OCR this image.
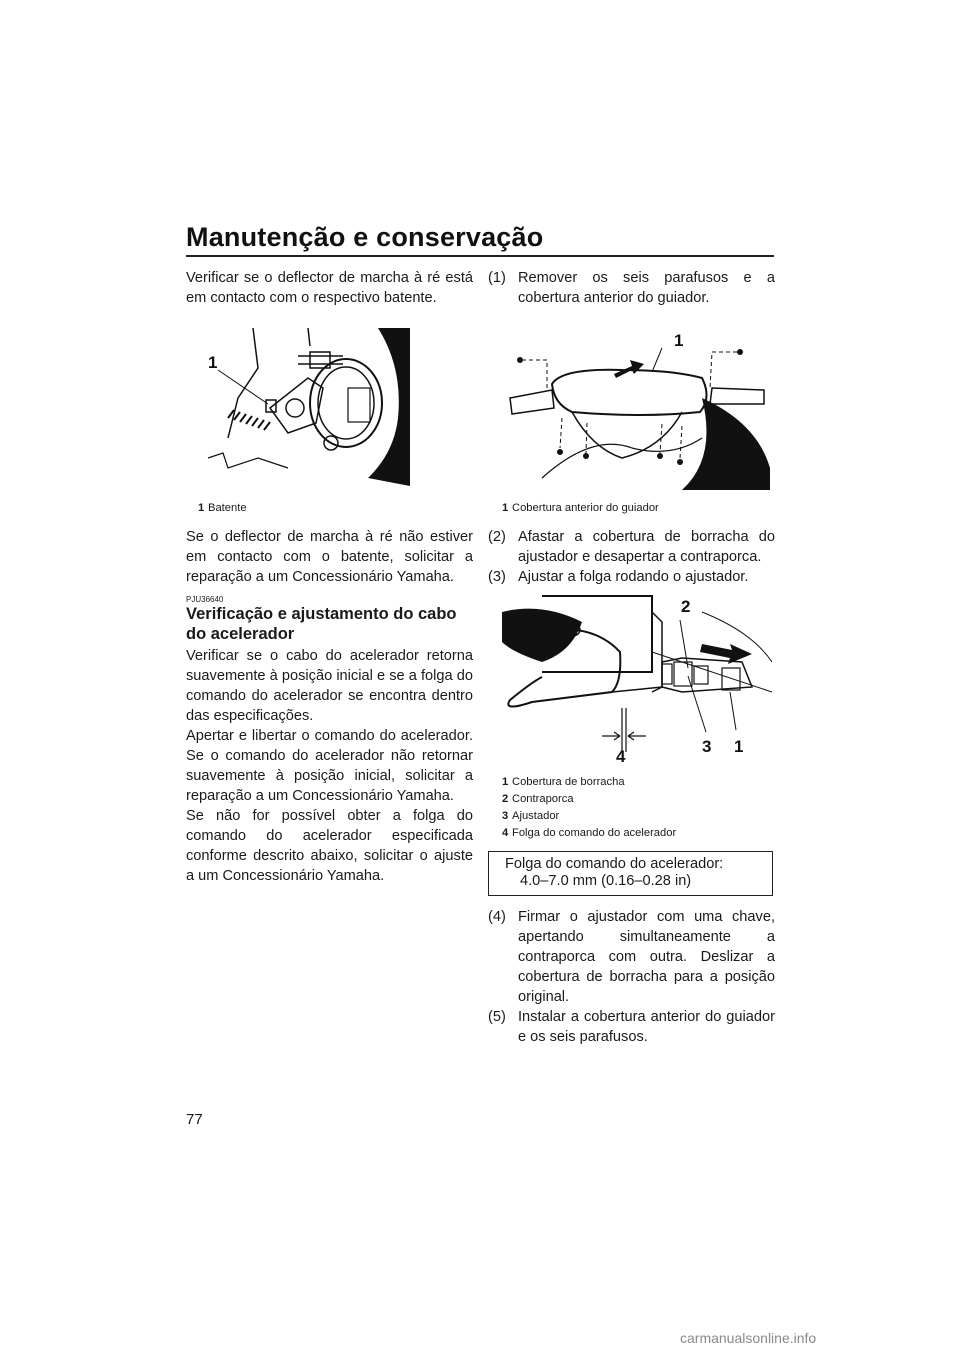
Manutenção e conservação

Verificar se o deflector de marcha à ré está em contacto com o respectivo batente.

1
1 Batente

Se o deflector de marcha à ré não estiver em contacto com o batente, solicitar a reparação a um Concessionário Yamaha.

PJU36640
Verificação e ajustamento do cabo do acelerador

Verificar se o cabo do acelerador retorna suavemente à posição inicial e se a folga do comando do acelerador se encontra dentro das especificações.

Apertar e libertar o comando do acelerador. Se o comando do acelerador não retornar suavemente à posição inicial, solicitar a reparação a um Concessionário Yamaha.

Se não for possível obter a folga do comando do acelerador especificada conforme descrito abaixo, solicitar o ajuste a um Concessionário Yamaha.

(1) Remover os seis parafusos e a cobertura anterior do guiador.
1
1 Cobertura anterior do guiador
(2) Afastar a cobertura de borracha do ajustador e desapertar a contraporca.
(3) Ajustar a folga rodando o ajustador.
2
4
3 1
1 Cobertura de borracha
2 Contraporca
3 Ajustador
4 Folga do comando do acelerador
Folga do comando do acelerador:
4.0–7.0 mm (0.16–0.28 in)
(4) Firmar o ajustador com uma chave, apertando simultaneamente a contraporca com outra. Deslizar a cobertura de borracha para a posição original.
(5) Instalar a cobertura anterior do guiador e os seis parafusos.
77
carmanualsonline.info
